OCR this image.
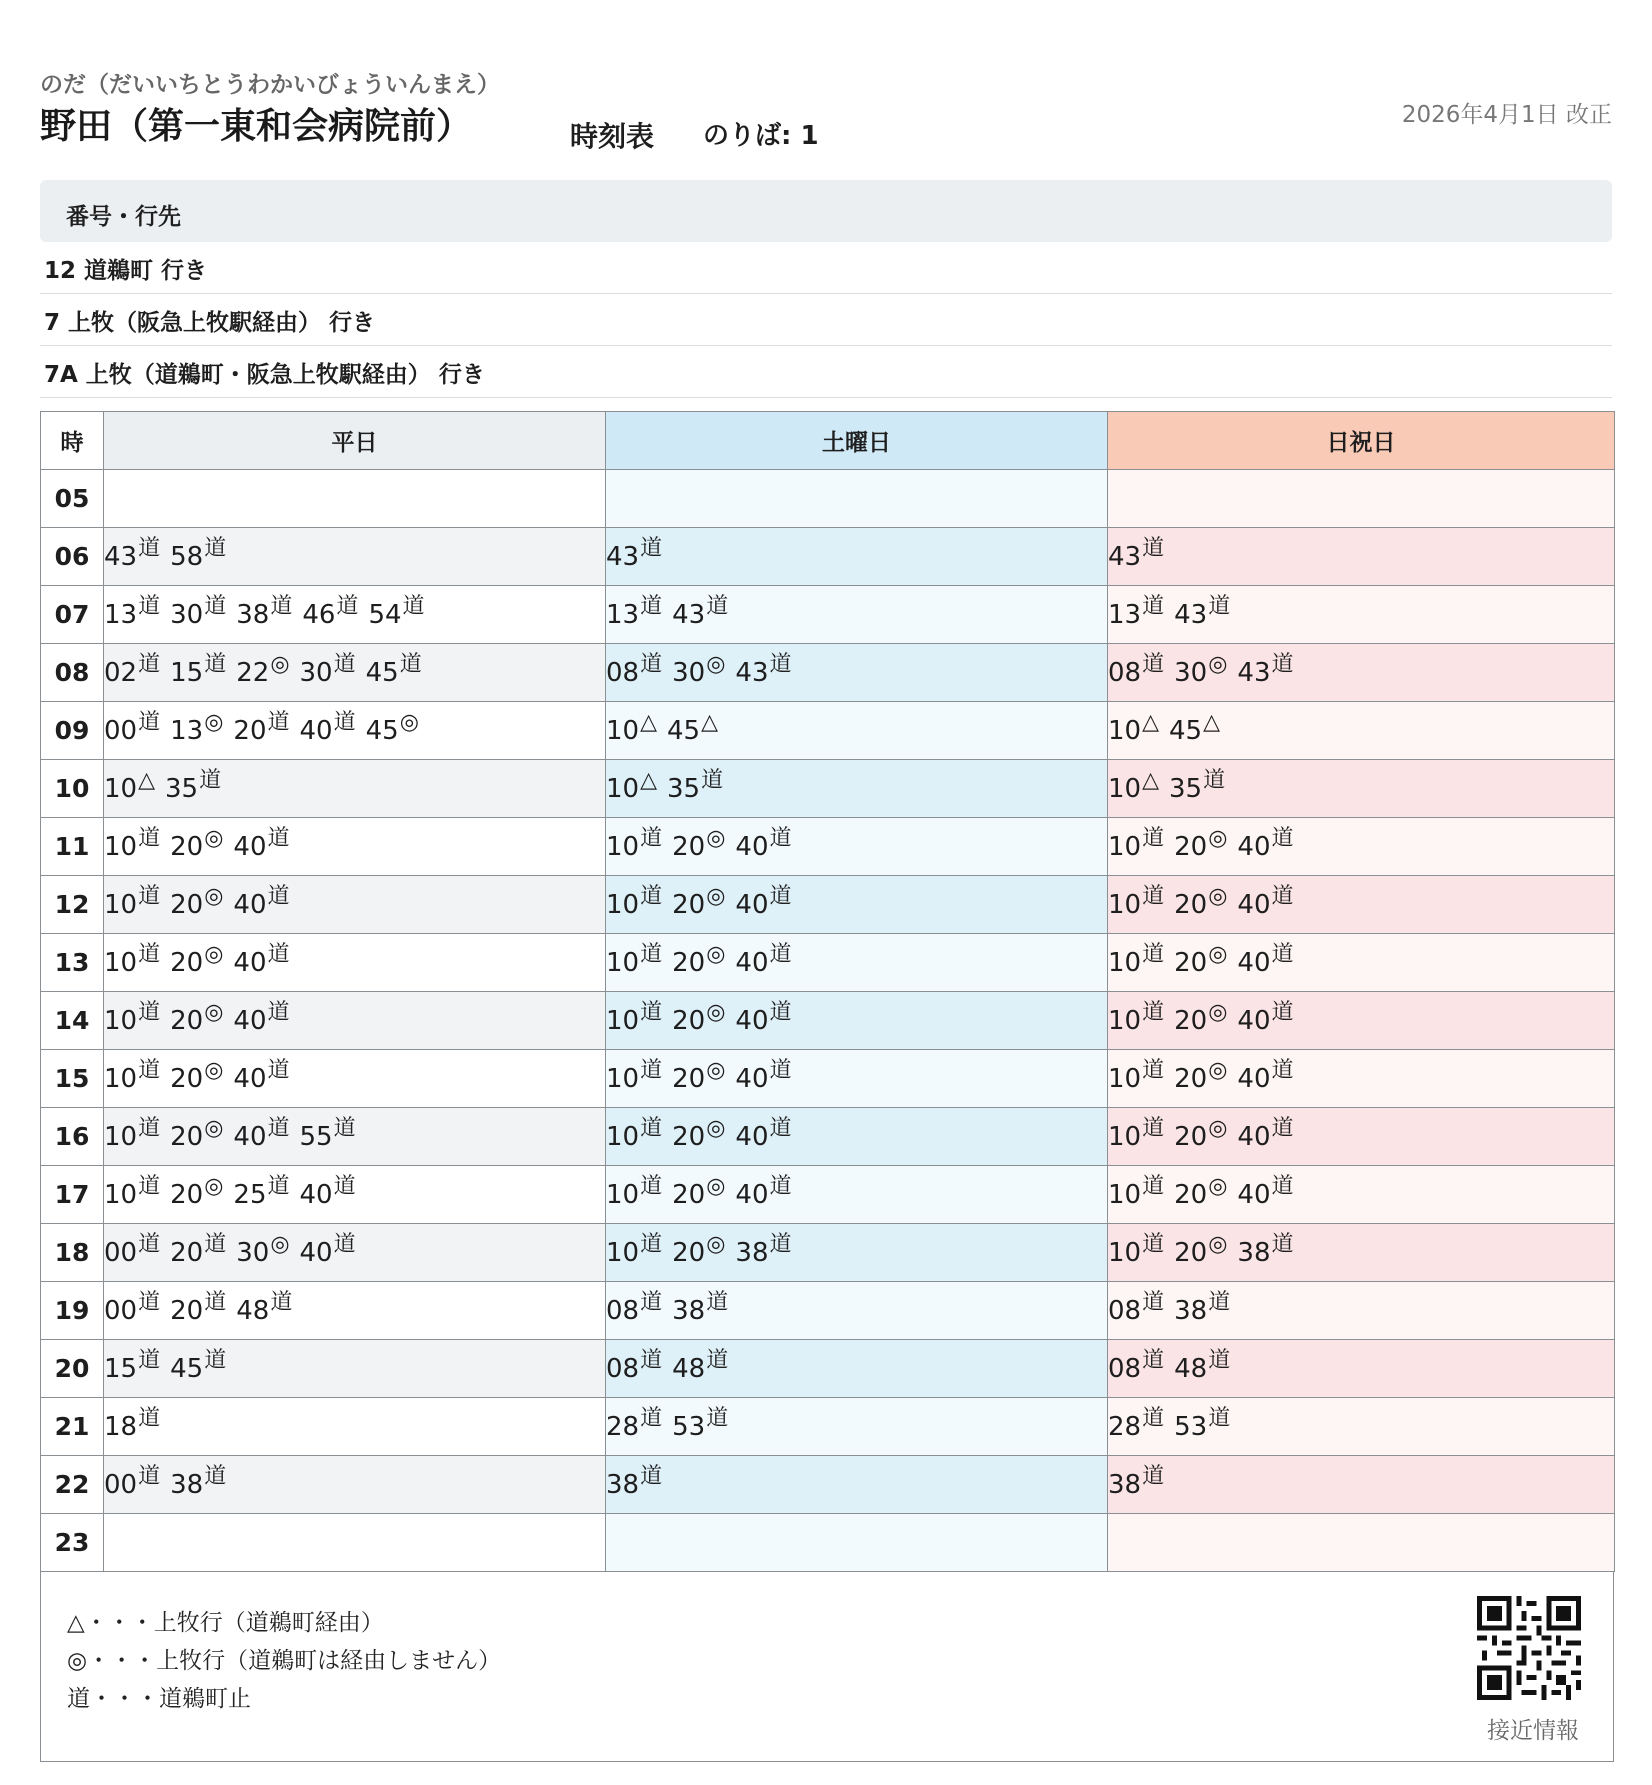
のだ（だいいちとうわかいびょういんまえ）
野田（第一東和会病院前）	時刻表 のりば: 1
2026年4月1日 改正
番号・行先
12 道鵜町 行き
7 上牧（阪急上牧駅経由） 行き
7A 上牧（道鵜町・阪急上牧駅経由） 行き
時	平日	土曜日	日祝日
05			
06	$43^道$ $58^道$	$43^道$	$43^道$
07	$13^道$ $30^道$ $38^道$ $46^道$ $54^道$	$13^道$ $43^道$	$13^道$ $43^道$
08	$02^道$ $15^道$ 22◎ $30^道$ $45^道$	$08^道$ 30◎ $43^道$	$08^道$ 30◎ $43^道$
09	$00^道$ 13◎ $20^道$ $40^道$ 45◎	10△ 45△	10△ 45△
10	10△ $35^道$	10△ $35^道$	10△ $35^道$
11	$10^道$ 20◎ $40^道$	$10^道$ 20◎ $40^道$	$10^道$ 20◎ $40^道$
12	$10^道$ 20◎ $40^道$	$10^道$ 20◎ $40^道$	$10^道$ 20◎ $40^道$
13	$10^道$ 20◎ $40^道$	$10^道$ 20◎ $40^道$	$10^道$ 20◎ $40^道$
14	$10^道$ 20◎ $40^道$	$10^道$ 20◎ $40^道$	$10^道$ 20◎ $40^道$
15	$10^道$ 20◎ $40^道$	$10^道$ 20◎ $40^道$	$10^道$ 20◎ $40^道$
16	$10^道$ 20◎ $40^道$ $55^道$	$10^道$ 20◎ $40^道$	$10^道$ 20◎ $40^道$
17	$10^道$ 20◎ $25^道$ $40^道$	$10^道$ 20◎ $40^道$	$10^道$ 20◎ $40^道$
18	$00^道$ $20^道$ 30◎ $40^道$	$10^道$ 20◎ $38^道$	$10^道$ 20◎ $38^道$
19	$00^道$ $20^道$ $48^道$	$08^道$ $38^道$	$08^道$ $38^道$
20	$15^道$ $45^道$	$08^道$ $48^道$	$08^道$ $48^道$
21	$18^道$	$28^道$ $53^道$	$28^道$ $53^道$
22	$00^道$ $38^道$	$38^道$	$38^道$
23			
△・・・上牧行（道鵜町経由）
◎・・・上牧行（道鵜町は経由しません）
道・・・道鵜町止
接近情報
